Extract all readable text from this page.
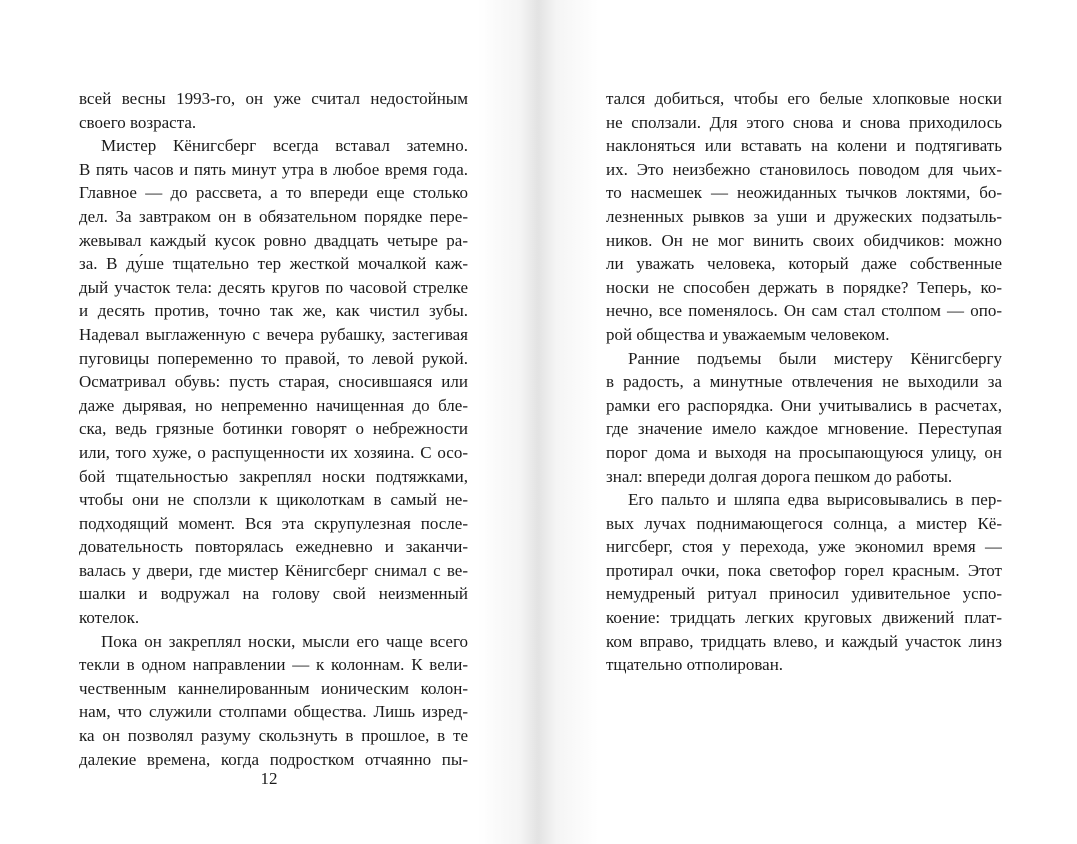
12
всей весны 1993-го, он уже считал недостойным
своего возраста.
Мистер Кёнигсберг всегда вставал затемно.
В пять часов и пять минут утра в любое время года.
Главное — до рассвета, а то впереди еще столько
дел. За завтраком он в обязательном порядке пере-
жевывал каждый кусок ровно двадцать четыре ра-
за. В ду́ше тщательно тер жесткой мочалкой каж-
дый участок тела: десять кругов по часовой стрелке
и десять против, точно так же, как чистил зубы.
Надевал выглаженную с вечера рубашку, застегивая
пуговицы попеременно то правой, то левой рукой.
Осматривал обувь: пусть старая, сносившаяся или
даже дырявая, но непременно начищенная до бле-
ска, ведь грязные ботинки говорят о небрежности
или, того хуже, о распущенности их хозяина. С осо-
бой тщательностью закреплял носки подтяжками,
чтобы они не сползли к щиколоткам в самый не-
подходящий момент. Вся эта скрупулезная после-
довательность повторялась ежедневно и заканчи-
валась у двери, где мистер Кёнигсберг снимал с ве-
шалки и водружал на голову свой неизменный
котелок.
Пока он закреплял носки, мысли его чаще всего
текли в одном направлении — к колоннам. К вели-
чественным каннелированным ионическим колон-
нам, что служили столпами общества. Лишь изред-
ка он позволял разуму скользнуть в прошлое, в те
далекие времена, когда подростком отчаянно пы-
тался добиться, чтобы его белые хлопковые носки
не сползали. Для этого снова и снова приходилось
наклоняться или вставать на колени и подтягивать
их. Это неизбежно становилось поводом для чьих-
то насмешек — неожиданных тычков локтями, бо-
лезненных рывков за уши и дружеских подзатыль-
ников. Он не мог винить своих обидчиков: можно
ли уважать человека, который даже собственные
носки не способен держать в порядке? Теперь, ко-
нечно, все поменялось. Он сам стал столпом — опо-
рой общества и уважаемым человеком.
Ранние подъемы были мистеру Кёнигсбергу
в радость, а минутные отвлечения не выходили за
рамки его распорядка. Они учитывались в расчетах,
где значение имело каждое мгновение. Переступая
порог дома и выходя на просыпающуюся улицу, он
знал: впереди долгая дорога пешком до работы.
Его пальто и шляпа едва вырисовывались в пер-
вых лучах поднимающегося солнца, а мистер Кё-
нигсберг, стоя у перехода, уже экономил время —
протирал очки, пока светофор горел красным. Этот
немудреный ритуал приносил удивительное успо-
коение: тридцать легких круговых движений плат-
ком вправо, тридцать влево, и каждый участок линз
тщательно отполирован.
